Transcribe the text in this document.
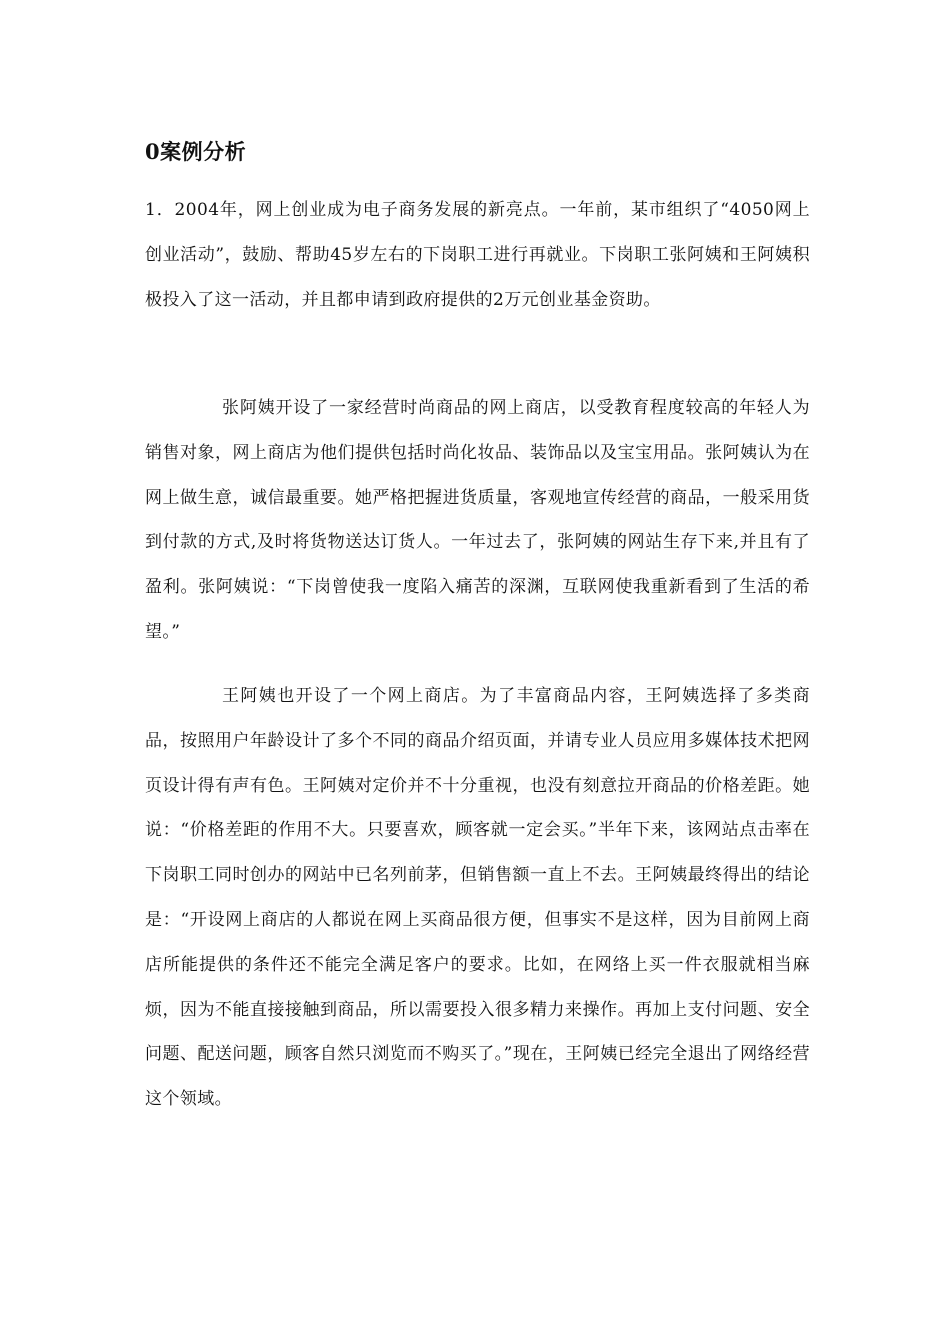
0案例分析

1．2004年，网上创业成为电子商务发展的新亮点。一年前，某市组织了“4050网上创业活动”，鼓励、帮助45岁左右的下岗职工进行再就业。下岗职工张阿姨和王阿姨积极投入了这一活动，并且都申请到政府提供的2万元创业基金资助。

张阿姨开设了一家经营时尚商品的网上商店，以受教育程度较高的年轻人为销售对象，网上商店为他们提供包括时尚化妆品、装饰品以及宝宝用品。张阿姨认为在网上做生意，诚信最重要。她严格把握进货质量，客观地宣传经营的商品，一般采用货到付款的方式,及时将货物送达订货人。一年过去了，张阿姨的网站生存下来,并且有了盈利。张阿姨说：“下岗曾使我一度陷入痛苦的深渊，互联网使我重新看到了生活的希望。”

王阿姨也开设了一个网上商店。为了丰富商品内容，王阿姨选择了多类商品，按照用户年龄设计了多个不同的商品介绍页面，并请专业人员应用多媒体技术把网页设计得有声有色。王阿姨对定价并不十分重视，也没有刻意拉开商品的价格差距。她说：“价格差距的作用不大。只要喜欢，顾客就一定会买。”半年下来，该网站点击率在下岗职工同时创办的网站中已名列前茅，但销售额一直上不去。王阿姨最终得出的结论是：“开设网上商店的人都说在网上买商品很方便，但事实不是这样，因为目前网上商店所能提供的条件还不能完全满足客户的要求。比如，在网络上买一件衣服就相当麻烦，因为不能直接接触到商品，所以需要投入很多精力来操作。再加上支付问题、安全问题、配送问题，顾客自然只浏览而不购买了。”现在，王阿姨已经完全退出了网络经营这个领域。
